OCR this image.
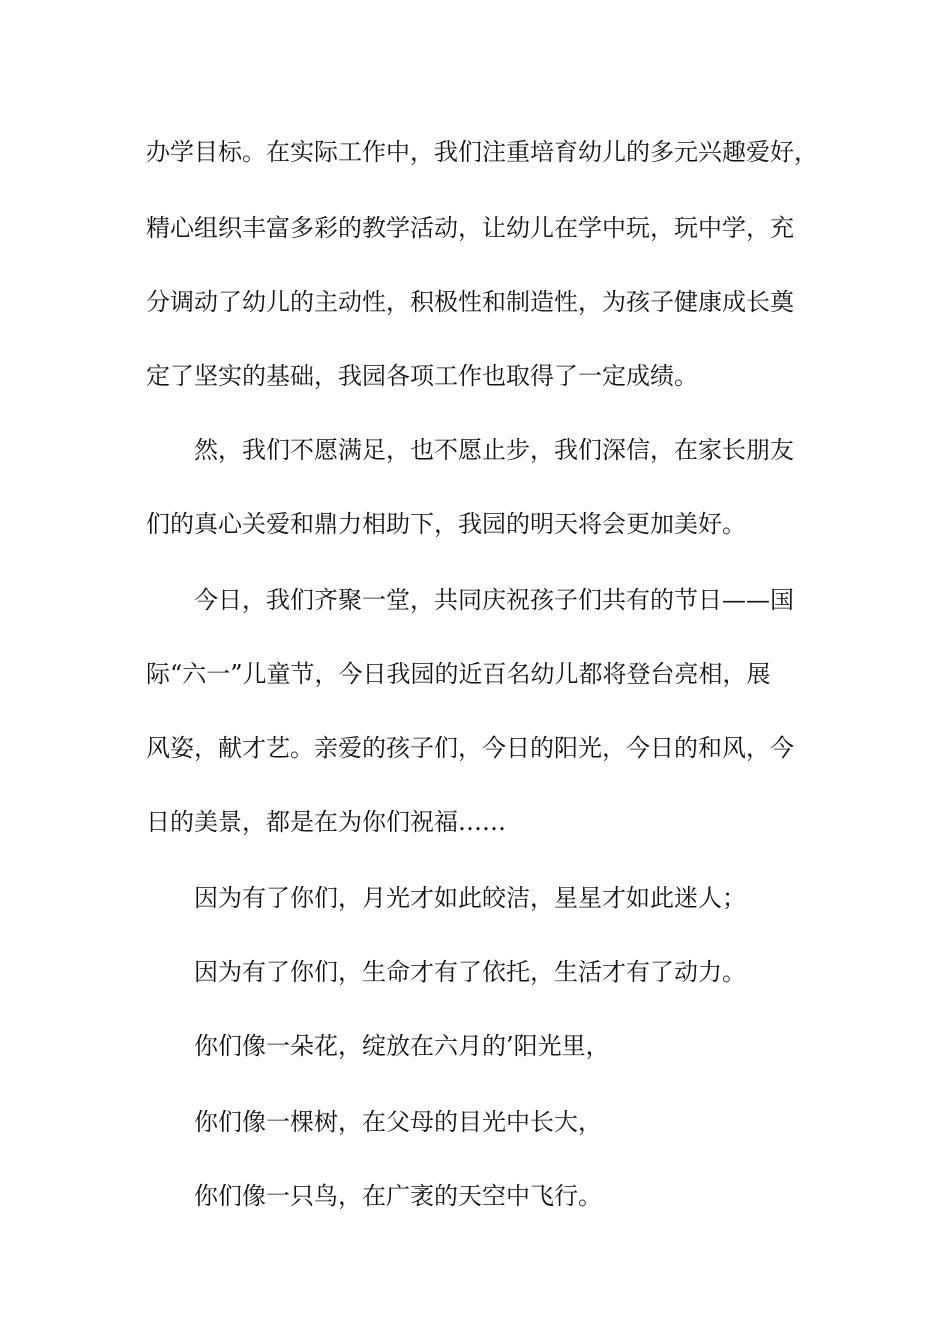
办学目标。在实际工作中，我们注重培育幼儿的多元兴趣爱好，
精心组织丰富多彩的教学活动，让幼儿在学中玩，玩中学，充
分调动了幼儿的主动性，积极性和制造性，为孩子健康成长奠
定了坚实的基础，我园各项工作也取得了一定成绩。
然，我们不愿满足，也不愿止步，我们深信，在家长朋友
们的真心关爱和鼎力相助下，我园的明天将会更加美好。
今日，我们齐聚一堂，共同庆祝孩子们共有的节日——国
际“六一”儿童节，今日我园的近百名幼儿都将登台亮相，展
风姿，献才艺。亲爱的孩子们，今日的阳光，今日的和风，今
日的美景，都是在为你们祝福……
因为有了你们，月光才如此皎洁，星星才如此迷人；
因为有了你们，生命才有了依托，生活才有了动力。
你们像一朵花，绽放在六月的’阳光里，
你们像一棵树，在父母的目光中长大，
你们像一只鸟，在广袤的天空中飞行。
